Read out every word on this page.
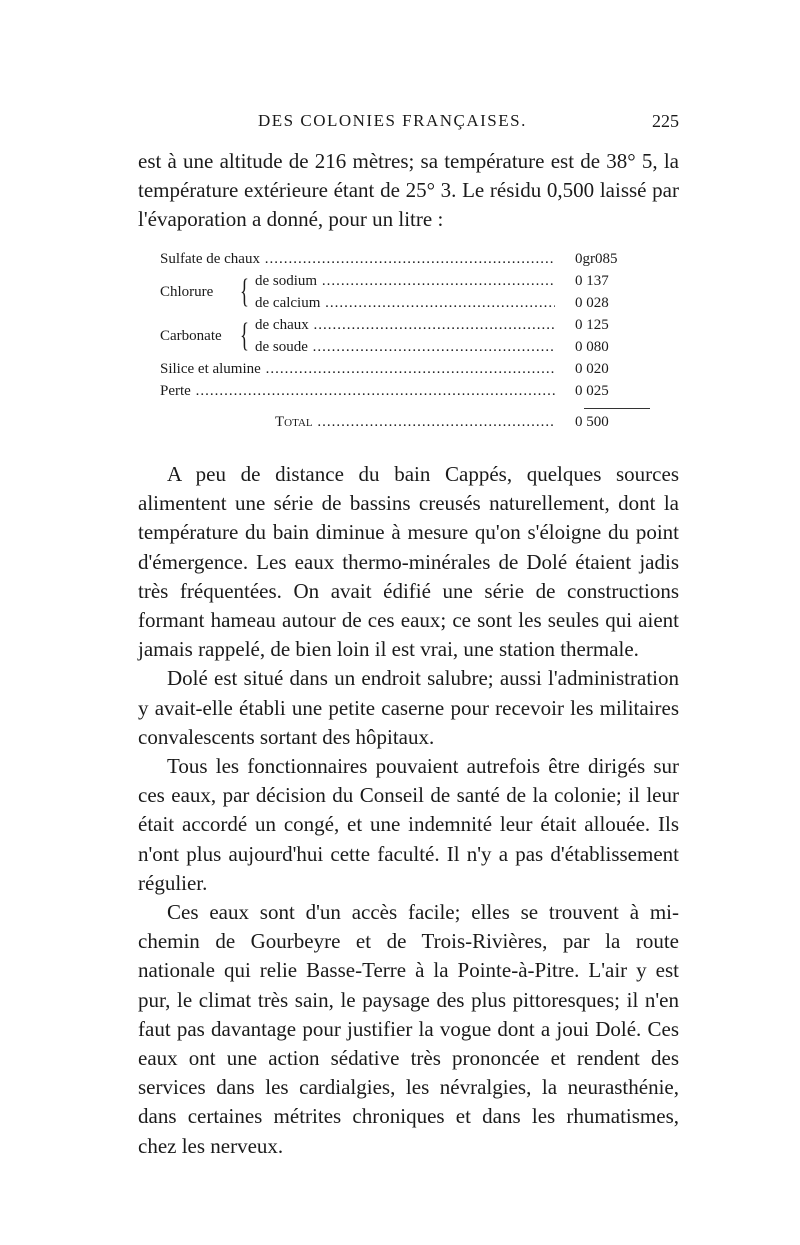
DES COLONIES FRANÇAISES.	225

est à une altitude de 216 mètres; sa température est de 38° 5, la température extérieure étant de 25° 3. Le résidu 0,500 laissé par l'évaporation a donné, pour un litre :

Sulfate de chaux .....	0gr085
Chlorure { de sodium .....	0 137
de calcium .....	0 028
Carbonate { de chaux .....	0 125
de soude .....	0 080
Silice et alumine .....	0 020
Perte .....	0 025
Total .....	0 500

A peu de distance du bain Cappés, quelques sources alimentent une série de bassins creusés naturellement, dont la température du bain diminue à mesure qu'on s'éloigne du point d'émergence. Les eaux thermo-minérales de Dolé étaient jadis très fréquentées. On avait édifié une série de constructions formant hameau autour de ces eaux; ce sont les seules qui aient jamais rappelé, de bien loin il est vrai, une station thermale.

Dolé est situé dans un endroit salubre; aussi l'administration y avait-elle établi une petite caserne pour recevoir les militaires convalescents sortant des hôpitaux.

Tous les fonctionnaires pouvaient autrefois être dirigés sur ces eaux, par décision du Conseil de santé de la colonie; il leur était accordé un congé, et une indemnité leur était allouée. Ils n'ont plus aujourd'hui cette faculté. Il n'y a pas d'établissement régulier.

Ces eaux sont d'un accès facile; elles se trouvent à mi-chemin de Gourbeyre et de Trois-Rivières, par la route nationale qui relie Basse-Terre à la Pointe-à-Pitre. L'air y est pur, le climat très sain, le paysage des plus pittoresques; il n'en faut pas davantage pour justifier la vogue dont a joui Dolé. Ces eaux ont une action sédative très prononcée et rendent des services dans les cardialgies, les névralgies, la neurasthénie, dans certaines métrites chroniques et dans les rhumatismes, chez les nerveux.
